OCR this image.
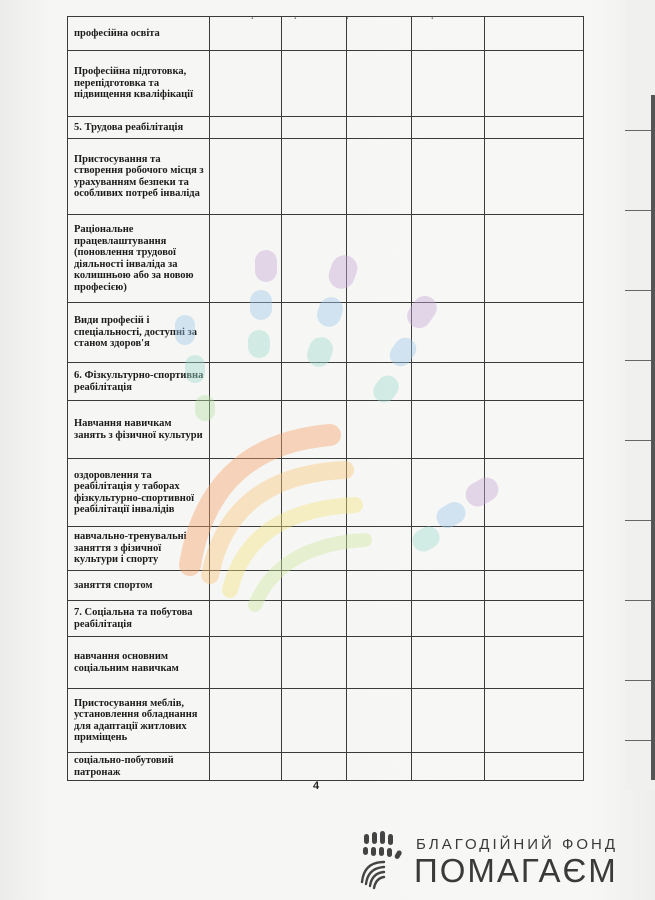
·	·	·	·
професійна освіта					
Професійна підготовка, перепідготовка та підвищення кваліфікації					
5. Трудова реабілітація					
Пристосування та створення робочого місця з урахуванням безпеки та особливих потреб інваліда					
Раціональне працевлаштування (поновлення трудової діяльності інваліда за колишньою або за новою професією)					
Види професій і спеціальності, доступні за станом здоров'я					
6. Фізкультурно-спортивна реабілітація					
Навчання навичкам занять з фізичної культури					
оздоровлення та реабілітація у таборах фізкультурно-спортивної реабілітації інвалідів					
навчально-тренувальні заняття з фізичної культури і спорту					
заняття спортом					
7. Соціальна та побутова реабілітація					
навчання основним соціальним навичкам					
Пристосування меблів, установлення обладнання для адаптації житлових приміщень					
соціально-побутовий патронаж					
4
БЛАГОДІЙНИЙ ФОНД
ПОМАГАЄМ
